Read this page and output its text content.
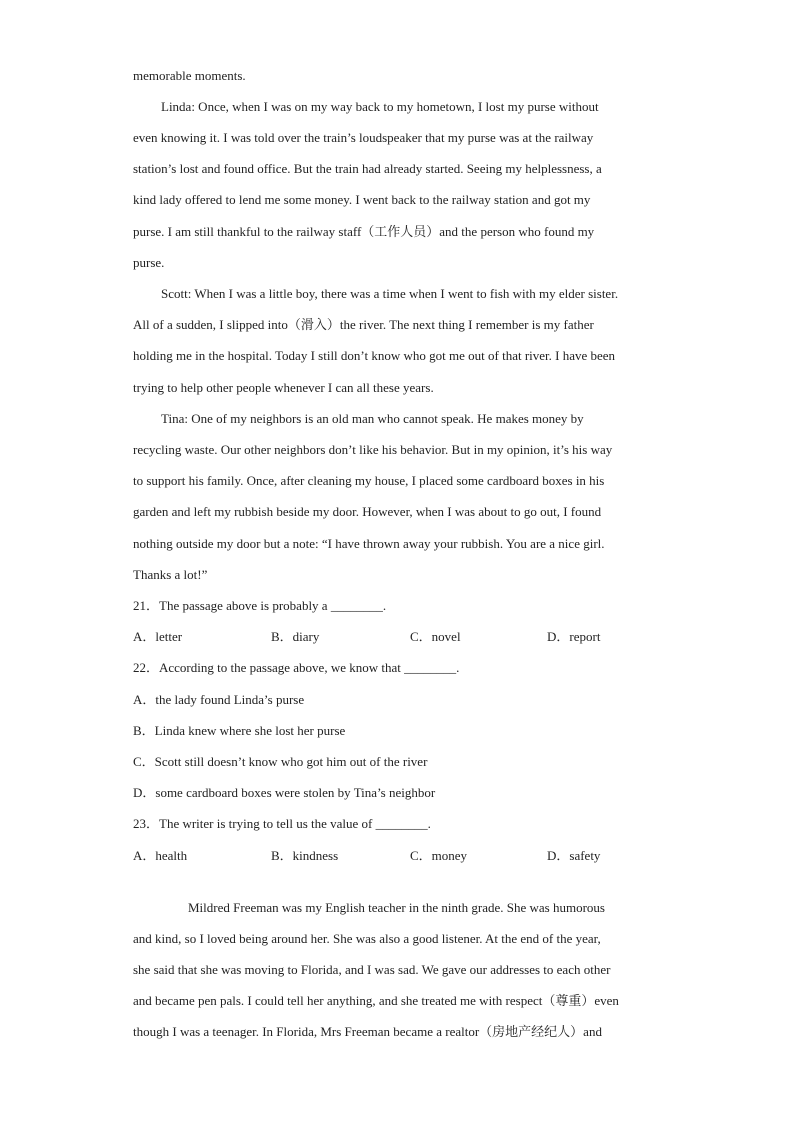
memorable moments.
Linda: Once, when I was on my way back to my hometown, I lost my purse without
even knowing it. I was told over the train’s loudspeaker that my purse was at the railway
station’s lost and found office. But the train had already started. Seeing my helplessness, a
kind lady offered to lend me some money. I went back to the railway station and got my
purse. I am still thankful to the railway staff（工作人员）and the person who found my
purse.
Scott: When I was a little boy, there was a time when I went to fish with my elder sister.
All of a sudden, I slipped into（滑入）the river. The next thing I remember is my father
holding me in the hospital. Today I still don’t know who got me out of that river. I have been
trying to help other people whenever I can all these years.
Tina: One of my neighbors is an old man who cannot speak. He makes money by
recycling waste. Our other neighbors don’t like his behavior. But in my opinion, it’s his way
to support his family. Once, after cleaning my house, I placed some cardboard boxes in his
garden and left my rubbish beside my door. However, when I was about to go out, I found
nothing outside my door but a note: “I have thrown away your rubbish. You are a nice girl.
Thanks a lot!”
21．The passage above is probably a ________.
A．letter	B．diary	C．novel	D．report
22．According to the passage above, we know that ________.
A．the lady found Linda’s purse
B．Linda knew where she lost her purse
C．Scott still doesn’t know who got him out of the river
D．some cardboard boxes were stolen by Tina’s neighbor
23．The writer is trying to tell us the value of ________.
A．health	B．kindness	C．money	D．safety
Mildred Freeman was my English teacher in the ninth grade. She was humorous
and kind, so I loved being around her. She was also a good listener. At the end of the year,
she said that she was moving to Florida, and I was sad. We gave our addresses to each other
and became pen pals. I could tell her anything, and she treated me with respect（尊重）even
though I was a teenager. In Florida, Mrs Freeman became a realtor（房地产经纪人）and
